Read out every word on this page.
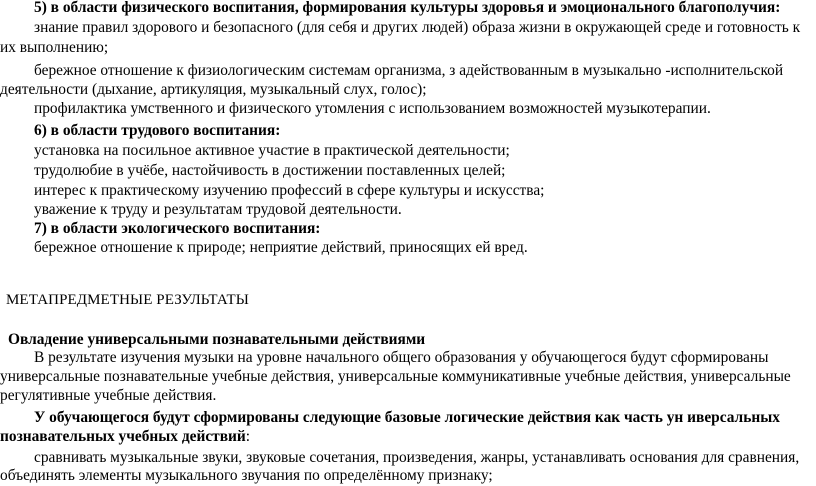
5) в области физического воспитания, формирования культуры здоровья и эмоционального благополучия:
знание правил здорового и безопасного (для себя и других людей) образа жизни в окружающей среде и готовность к
их выполнению;
бережное отношение к физиологическим системам организма, з адействованным в музыкально -исполнительской
деятельности (дыхание, артикуляция, музыкальный слух, голос);
профилактика умственного и физического утомления с использованием возможностей музыкотерапии.
6) в области трудового воспитания:
установка на посильное активное участие в практической деятельности;
трудолюбие в учёбе, настойчивость в достижении поставленных целей;
интерес к практическому изучению профессий в сфере культуры и искусства;
уважение к труду и результатам трудовой деятельности.
7) в области экологического воспитания:
бережное отношение к природе; неприятие действий, приносящих ей вред.
МЕТАПРЕДМЕТНЫЕ РЕЗУЛЬТАТЫ
Овладение универсальными познавательными действиями
В результате изучения музыки на уровне начального общего образования у обучающегося будут сформированы
универсальные познавательные учебные действия, универсальные коммуникативные учебные действия, универсальные
регулятивные учебные действия.
У обучающегося будут сформированы следующие базовые логические действия как часть ун иверсальных
познавательных учебных действий:
сравнивать музыкальные звуки, звуковые сочетания, произведения, жанры, устанавливать основания для сравнения,
объединять элементы музыкального звучания по определённому признаку;
